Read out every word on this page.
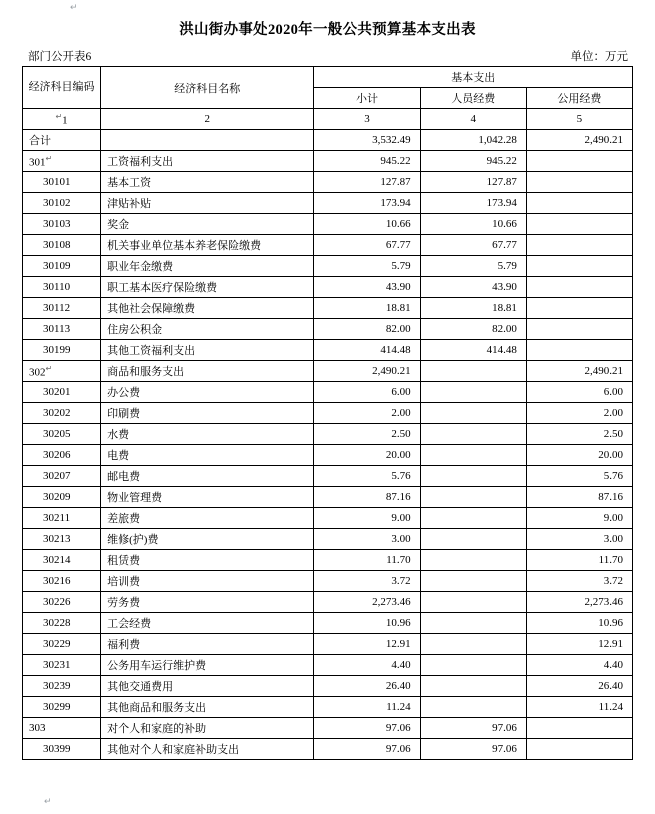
↵
洪山街办事处2020年一般公共预算基本支出表
部门公开表6	单位：万元
经济科目编码	经济科目名称	基本支出		
		小计	人员经费	公用经费
↵1	2	3	4	5
合计		3,532.49	1,042.28	2,490.21
301↵	工资福利支出	945.22	945.22	
30101	基本工资	127.87	127.87	
30102	津贴补贴	173.94	173.94	
30103	奖金	10.66	10.66	
30108	机关事业单位基本养老保险缴费	67.77	67.77	
30109	职业年金缴费	5.79	5.79	
30110	职工基本医疗保险缴费	43.90	43.90	
30112	其他社会保障缴费	18.81	18.81	
30113	住房公积金	82.00	82.00	
30199	其他工资福利支出	414.48	414.48	
302↵	商品和服务支出	2,490.21		2,490.21
30201	办公费	6.00		6.00
30202	印刷费	2.00		2.00
30205	水费	2.50		2.50
30206	电费	20.00		20.00
30207	邮电费	5.76		5.76
30209	物业管理费	87.16		87.16
30211	差旅费	9.00		9.00
30213	维修(护)费	3.00		3.00
30214	租赁费	11.70		11.70
30216	培训费	3.72		3.72
30226	劳务费	2,273.46		2,273.46
30228	工会经费	10.96		10.96
30229	福利费	12.91		12.91
30231	公务用车运行维护费	4.40		4.40
30239	其他交通费用	26.40		26.40
30299	其他商品和服务支出	11.24		11.24
303	对个人和家庭的补助	97.06	97.06	
30399	其他对个人和家庭补助支出	97.06	97.06	
↵
